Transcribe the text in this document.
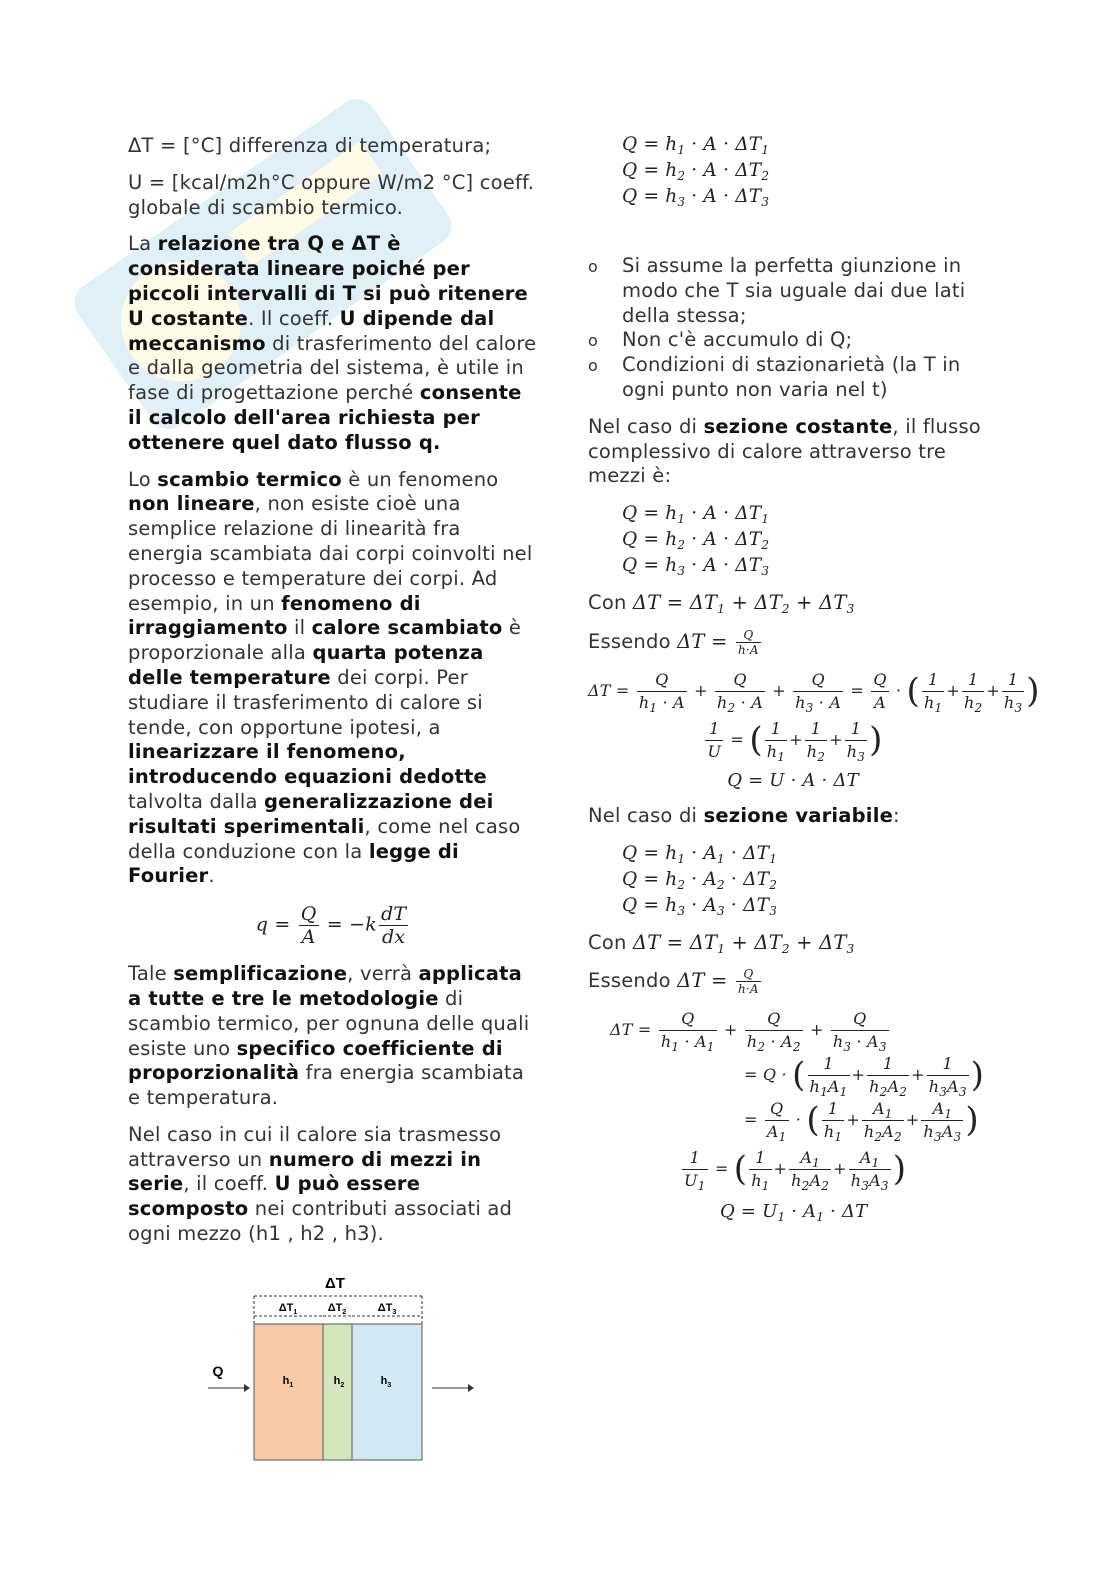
ΔT = [°C] differenza di temperatura;

U = [kcal/m2h°C oppure W/m2 °C] coeff. globale di scambio termico.

La relazione tra Q e ΔT è considerata lineare poiché per piccoli intervalli di T si può ritenere U costante. Il coeff. U dipende dal meccanismo di trasferimento del calore e dalla geometria del sistema, è utile in fase di progettazione perché consente il calcolo dell'area richiesta per ottenere quel dato flusso q.

Lo scambio termico è un fenomeno non lineare, non esiste cioè una semplice relazione di linearità fra energia scambiata dai corpi coinvolti nel processo e temperature dei corpi. Ad esempio, in un fenomeno di irraggiamento il calore scambiato è proporzionale alla quarta potenza delle temperature dei corpi. Per studiare il trasferimento di calore si tende, con opportune ipotesi, a linearizzare il fenomeno, introducendo equazioni dedotte talvolta dalla generalizzazione dei risultati sperimentali, come nel caso della conduzione con la legge di Fourier.

$q = \frac{Q}{A} = -k \frac{dT}{dx}$

Tale semplificazione, verrà applicata a tutte e tre le metodologie di scambio termico, per ognuna delle quali esiste uno specifico coefficiente di proporzionalità fra energia scambiata e temperatura.

Nel caso in cui il calore sia trasmesso attraverso un numero di mezzi in serie, il coeff. U può essere scomposto nei contributi associati ad ogni mezzo (h1 , h2 , h3).

ΔT
$\Delta T_1$	$\Delta T_2$	$\Delta T_3$
$h_1$	$h_2$	$h_3$
Q
$Q = h_1 \cdot A \cdot \Delta T_1$
$Q = h_2 \cdot A \cdot \Delta T_2$
$Q = h_3 \cdot A \cdot \Delta T_3$
o Si assume la perfetta giunzione in modo che T sia uguale dai due lati della stessa;
o Non c'è accumulo di Q;
o Condizioni di stazionarietà (la T in ogni punto non varia nel t)

Nel caso di sezione costante, il flusso complessivo di calore attraverso tre mezzi è:

$Q = h_1 \cdot A \cdot \Delta T_1$
$Q = h_2 \cdot A \cdot \Delta T_2$
$Q = h_3 \cdot A \cdot \Delta T_3$

Con $\Delta T = \Delta T_1 + \Delta T_2 + \Delta T_3$

Essendo $\Delta T = \frac{Q}{h\cdot A}$

$\Delta T = \frac{Q}{h_1 \cdot A} + \frac{Q}{h_2 \cdot A} + \frac{Q}{h_3 \cdot A} = \frac{Q}{A}$ · ( $\frac{1}{h_1} + \frac{1}{h_2} + \frac{1}{h_3}$ )
$\frac{1}{U}$ = ( $\frac{1}{h_1} + \frac{1}{h_2} + \frac{1}{h_3}$ )
Q = U · A · ΔT

Nel caso di sezione variabile:

$Q = h_1 \cdot A_1 \cdot \Delta T_1$
$Q = h_2 \cdot A_2 \cdot \Delta T_2$
$Q = h_3 \cdot A_3 \cdot \Delta T_3$

Con $\Delta T = \Delta T_1 + \Delta T_2 + \Delta T_3$

Essendo $\Delta T = \frac{Q}{h\cdot A}$

$\Delta T = \frac{Q}{h_1 \cdot A_1} + \frac{Q}{h_2 \cdot A_2} + \frac{Q}{h_3 \cdot A_3}$
= Q · ( $\frac{1}{h_1A_1} + \frac{1}{h_2A_2} + \frac{1}{h_3A_3}$ )
= $\frac{Q}{A_1}$ · ( $\frac{1}{h_1} + \frac{A_1}{h_2A_2} + \frac{A_1}{h_3A_3}$ )
$\frac{1}{U_1}$ = ( $\frac{1}{h_1} + \frac{A_1}{h_2A_2} + \frac{A_1}{h_3A_3}$ )
$Q = U_1 \cdot A_1 \cdot \Delta T$
